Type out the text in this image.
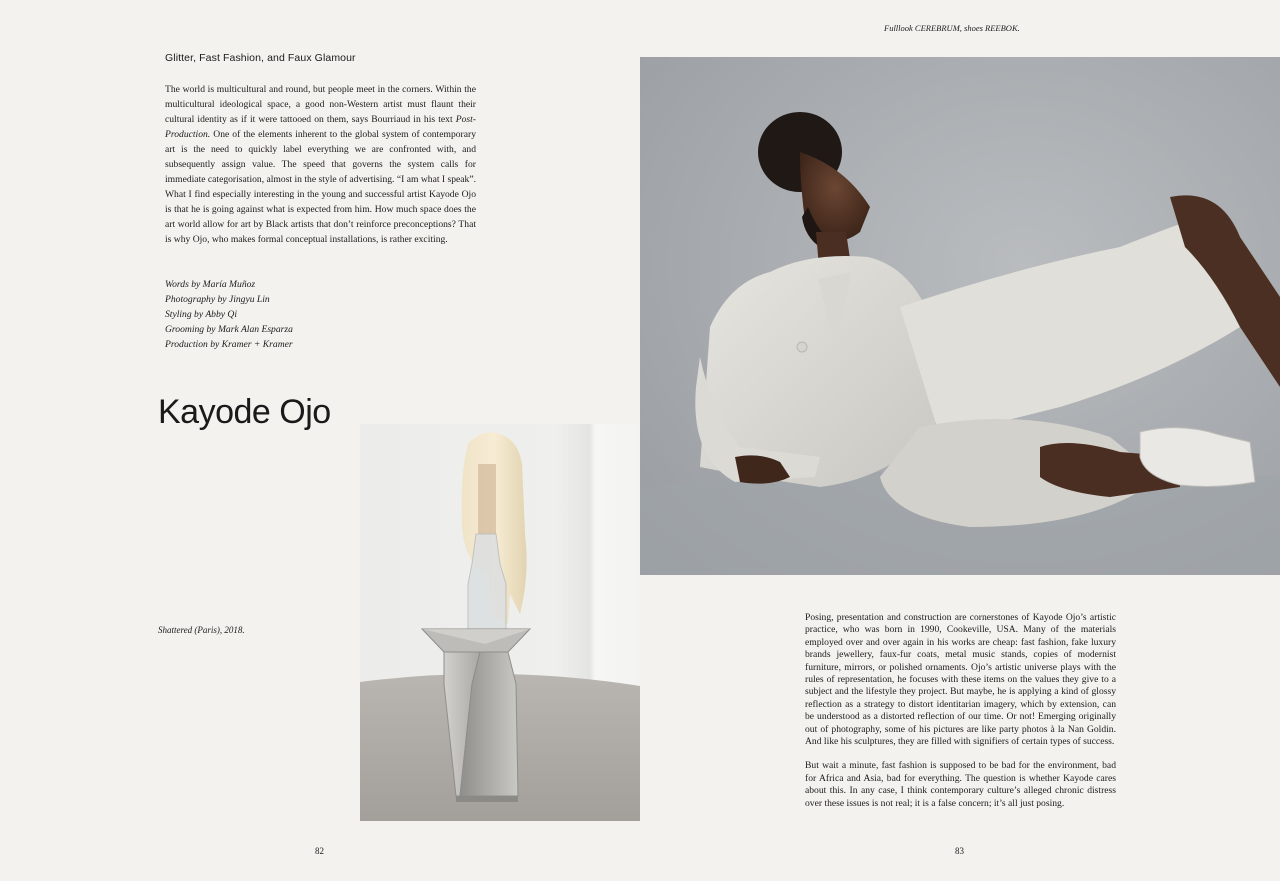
Glitter, Fast Fashion, and Faux Glamour

The world is multicultural and round, but people meet in the corners. Within the multicultural ideological space, a good non-Western artist must flaunt their cultural identity as if it were tattooed on them, says Bourriaud in his text Post-Production. One of the elements inherent to the global system of contemporary art is the need to quickly label everything we are confronted with, and subsequently assign value. The speed that governs the system calls for immediate categorisation, almost in the style of advertising. “I am what I speak”. What I find especially interesting in the young and successful artist Kayode Ojo is that he is going against what is expected from him. How much space does the art world allow for art by Black artists that don’t reinforce preconceptions? That is why Ojo, who makes formal conceptual installations, is rather exciting.

Words by María Muñoz
Photography by Jingyu Lin
Styling by Abby Qi
Grooming by Mark Alan Esparza
Production by Kramer + Kramer
Kayode Ojo
Shattered (Paris), 2018.
Fulllook CEREBRUM, shoes REEBOK.

Posing, presentation and construction are cornerstones of Kayode Ojo’s artistic practice, who was born in 1990, Cookeville, USA. Many of the materials employed over and over again in his works are cheap: fast fashion, fake luxury brands jewellery, faux-fur coats, metal music stands, copies of modernist furniture, mirrors, or polished ornaments. Ojo’s artistic universe plays with the rules of representation, he focuses with these items on the values they give to a subject and the lifestyle they project. But maybe, he is applying a kind of glossy reflection as a strategy to distort identitarian imagery, which by extension, can be understood as a distorted reflection of our time. Or not! Emerging originally out of photography, some of his pictures are like party photos à la Nan Goldin. And like his sculptures, they are filled with signifiers of certain types of success.

But wait a minute, fast fashion is supposed to be bad for the environment, bad for Africa and Asia, bad for everything. The question is whether Kayode cares about this. In any case, I think contemporary culture’s alleged chronic distress over these issues is not real; it is a false concern; it’s all just posing.

82	83
